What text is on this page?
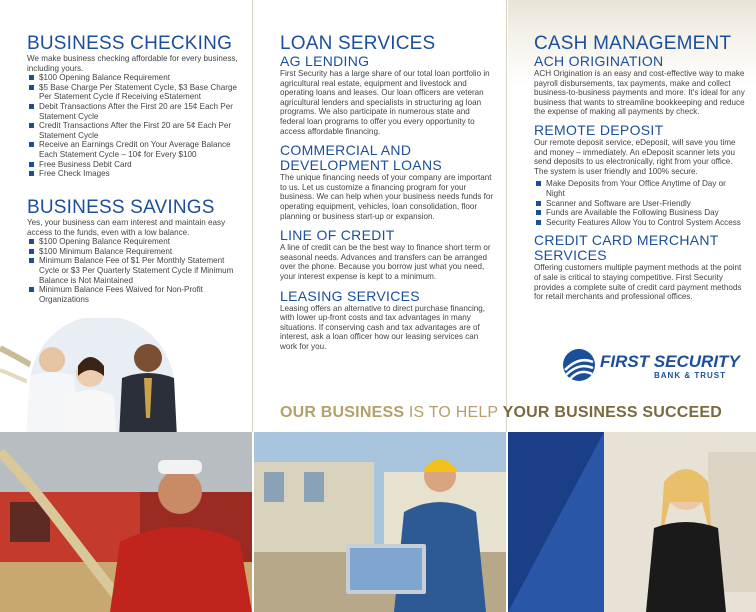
BUSINESS CHECKING

We make business checking affordable for every business, including yours.

$100 Opening Balance Requirement
$5 Base Charge Per Statement Cycle, $3 Base Charge Per Statement Cycle if Receiving eStatement
Debit Transactions After the First 20 are 15¢ Each Per Statement Cycle
Credit Transactions After the First 20 are 5¢ Each Per Statement Cycle
Receive an Earnings Credit on Your Average Balance Each Statement Cycle – 10¢ for Every $100
Free Business Debit Card
Free Check Images
BUSINESS SAVINGS

Yes, your business can earn interest and maintain easy access to the funds, even with a low balance.

$100 Opening Balance Requirement
$100 Minimum Balance Requirement
Minimum Balance Fee of $1 Per Monthly Statement Cycle or $3 Per Quarterly Statement Cycle if Minimum Balance is Not Maintained
Minimum Balance Fees Waived for Non-Profit Organizations
LOAN SERVICES
AG LENDING

First Security has a large share of our total loan portfolio in agricultural real estate, equipment and livestock and operating loans and leases. Our loan officers are veteran agricultural lenders and specialists in structuring ag loan programs. We also participate in numerous state and federal loan programs to offer you every opportunity to access affordable financing.

COMMERCIAL AND DEVELOPMENT LOANS

The unique financing needs of your company are important to us. Let us customize a financing program for your business. We can help when your business needs funds for operating equipment, vehicles, loan consolidation, floor planning or business start-up or expansion.

LINE OF CREDIT

A line of credit can be the best way to finance short term or seasonal needs. Advances and transfers can be arranged over the phone. Because you borrow just what you need, your interest expense is kept to a minimum.

LEASING SERVICES

Leasing offers an alternative to direct purchase financing, with lower up-front costs and tax advantages in many situations. If conserving cash and tax advantages are of interest, ask a loan officer how our leasing services can work for you.

CASH MANAGEMENT
ACH ORIGINATION

ACH Origination is an easy and cost-effective way to make payroll disbursements, tax payments, make and collect business-to-business payments and more. It's ideal for any business that wants to streamline bookkeeping and reduce the expense of making all payments by check.

REMOTE DEPOSIT

Our remote deposit service, eDeposit, will save you time and money – immediately. An eDeposit scanner lets you send deposits to us electronically, right from your office. The system is user friendly and 100% secure.

Make Deposits from Your Office Anytime of Day or Night
Scanner and Software are User-Friendly
Funds are Available the Following Business Day
Security Features Allow You to Control System Access
CREDIT CARD MERCHANT SERVICES

Offering customers multiple payment methods at the point of sale is critical to staying competitive. First Security provides a complete suite of credit card payment methods for retail merchants and professional offices.

FIRST SECURITY
BANK & TRUST
OUR BUSINESS IS TO HELP YOUR BUSINESS SUCCEED
